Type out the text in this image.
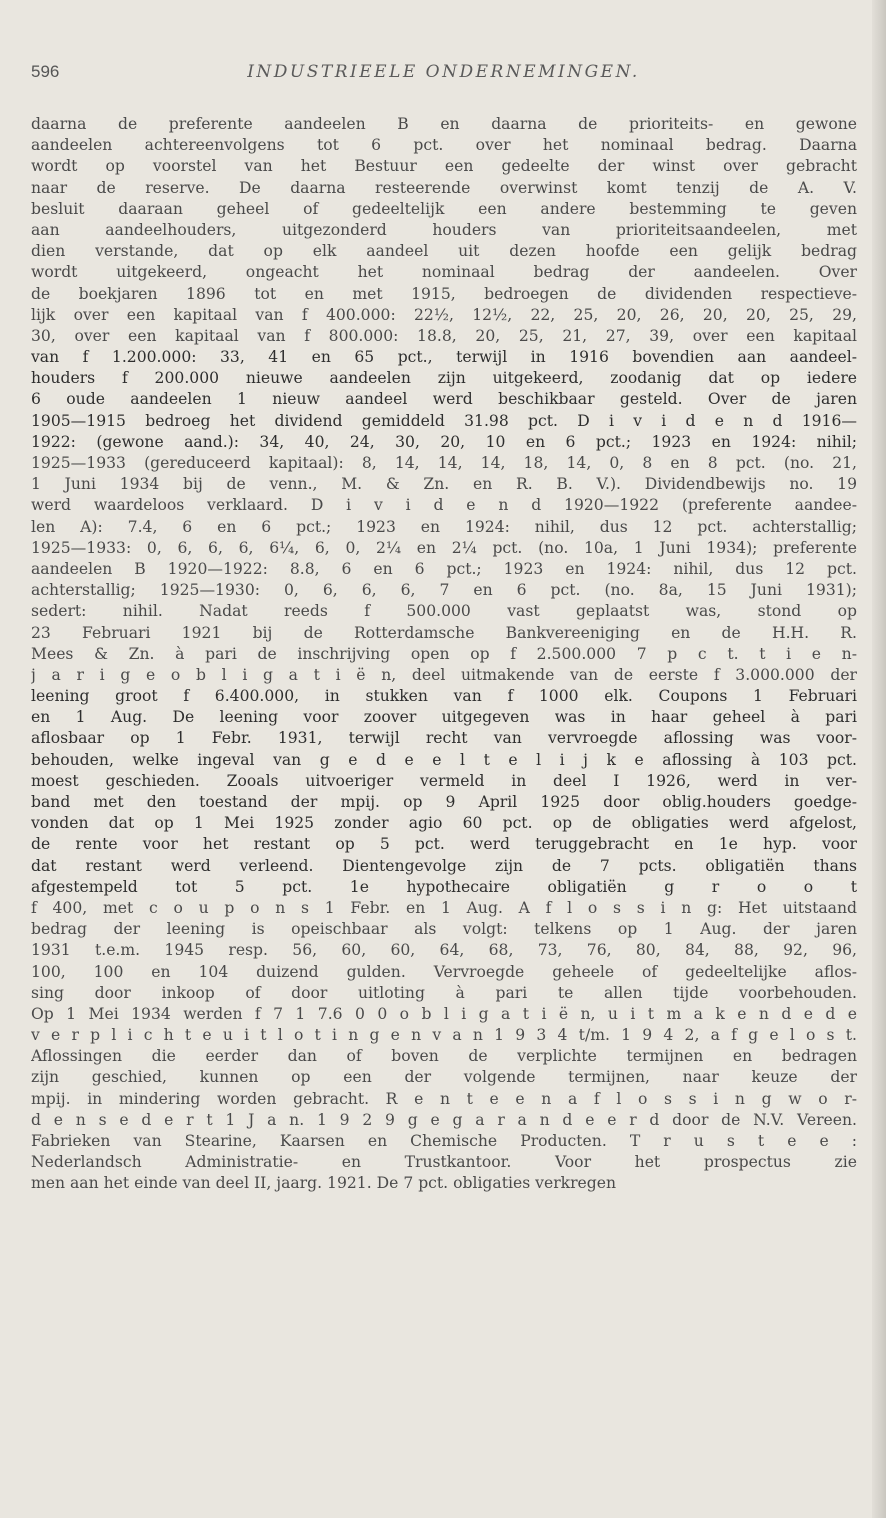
596	INDUSTRIEELE ONDERNEMINGEN.
daarna de preferente aandeelen B en daarna de prioriteits- en gewone
aandeelen achtereenvolgens tot 6 pct. over het nominaal bedrag. Daarna
wordt op voorstel van het Bestuur een gedeelte der winst over gebracht
naar de reserve. De daarna resteerende overwinst komt tenzij de A. V.
besluit daaraan geheel of gedeeltelijk een andere bestemming te geven
aan aandeelhouders, uitgezonderd houders van prioriteitsaandeelen, met
dien verstande, dat op elk aandeel uit dezen hoofde een gelijk bedrag
wordt uitgekeerd, ongeacht het nominaal bedrag der aandeelen. Over
de boekjaren 1896 tot en met 1915, bedroegen de dividenden respectieve-
lijk over een kapitaal van f 400.000: 22½, 12½, 22, 25, 20, 26, 20, 20, 25, 29,
30, over een kapitaal van f 800.000: 18.8, 20, 25, 21, 27, 39, over een kapitaal
van f 1.200.000: 33, 41 en 65 pct., terwijl in 1916 bovendien aan aandeel-
houders f 200.000 nieuwe aandeelen zijn uitgekeerd, zoodanig dat op iedere
6 oude aandeelen 1 nieuw aandeel werd beschikbaar gesteld. Over de jaren
1905—1915 bedroeg het dividend gemiddeld 31.98 pct. D i v i d e n d 1916—
1922: (gewone aand.): 34, 40, 24, 30, 20, 10 en 6 pct.; 1923 en 1924: nihil;
1925—1933 (gereduceerd kapitaal): 8, 14, 14, 14, 18, 14, 0, 8 en 8 pct. (no. 21,
1 Juni 1934 bij de venn., M. & Zn. en R. B. V.). Dividendbewijs no. 19
werd waardeloos verklaard. D i v i d e n d 1920—1922 (preferente aandee-
len A): 7.4, 6 en 6 pct.; 1923 en 1924: nihil, dus 12 pct. achterstallig;
1925—1933: 0, 6, 6, 6, 6¼, 6, 0, 2¼ en 2¼ pct. (no. 10a, 1 Juni 1934); preferente
aandeelen B 1920—1922: 8.8, 6 en 6 pct.; 1923 en 1924: nihil, dus 12 pct.
achterstallig; 1925—1930: 0, 6, 6, 6, 7 en 6 pct. (no. 8a, 15 Juni 1931);
sedert: nihil. Nadat reeds f 500.000 vast geplaatst was, stond op
23 Februari 1921 bij de Rotterdamsche Bankvereeniging en de H.H. R.
Mees & Zn. à pari de inschrijving open op f 2.500.000 7 p c t. t i e n-
j a r i g e o b l i g a t i ë n, deel uitmakende van de eerste f 3.000.000 der
leening groot f 6.400.000, in stukken van f 1000 elk. Coupons 1 Februari
en 1 Aug. De leening voor zoover uitgegeven was in haar geheel à pari
aflosbaar op 1 Febr. 1931, terwijl recht van vervroegde aflossing was voor-
behouden, welke ingeval van g e d e e l t e l i j k e aflossing à 103 pct.
moest geschieden. Zooals uitvoeriger vermeld in deel I 1926, werd in ver-
band met den toestand der mpij. op 9 April 1925 door oblig.houders goedge-
vonden dat op 1 Mei 1925 zonder agio 60 pct. op de obligaties werd afgelost,
de rente voor het restant op 5 pct. werd teruggebracht en 1e hyp. voor
dat restant werd verleend. Dientengevolge zijn de 7 pcts. obligatiën thans
afgestempeld tot 5 pct. 1e hypothecaire obligatiën g r o o t
f 400, met c o u p o n s 1 Febr. en 1 Aug. A f l o s s i n g: Het uitstaand
bedrag der leening is opeischbaar als volgt: telkens op 1 Aug. der jaren
1931 t.e.m. 1945 resp. 56, 60, 60, 64, 68, 73, 76, 80, 84, 88, 92, 96,
100, 100 en 104 duizend gulden. Vervroegde geheele of gedeeltelijke aflos-
sing door inkoop of door uitloting à pari te allen tijde voorbehouden.
Op 1 Mei 1934 werden f 7 1 7.6 0 0 o b l i g a t i ë n, u i t m a k e n d e d e
v e r p l i c h t e u i t l o t i n g e n v a n 1 9 3 4 t/m. 1 9 4 2, a f g e l o s t.
Aflossingen die eerder dan of boven de verplichte termijnen en bedragen
zijn geschied, kunnen op een der volgende termijnen, naar keuze der
mpij. in mindering worden gebracht. R e n t e e n a f l o s s i n g w o r-
d e n s e d e r t 1 J a n. 1 9 2 9 g e g a r a n d e e r d door de N.V. Vereen.
Fabrieken van Stearine, Kaarsen en Chemische Producten. T r u s t e e :
Nederlandsch Administratie- en Trustkantoor. Voor het prospectus zie
men aan het einde van deel II, jaarg. 1921. De 7 pct. obligaties verkregen
